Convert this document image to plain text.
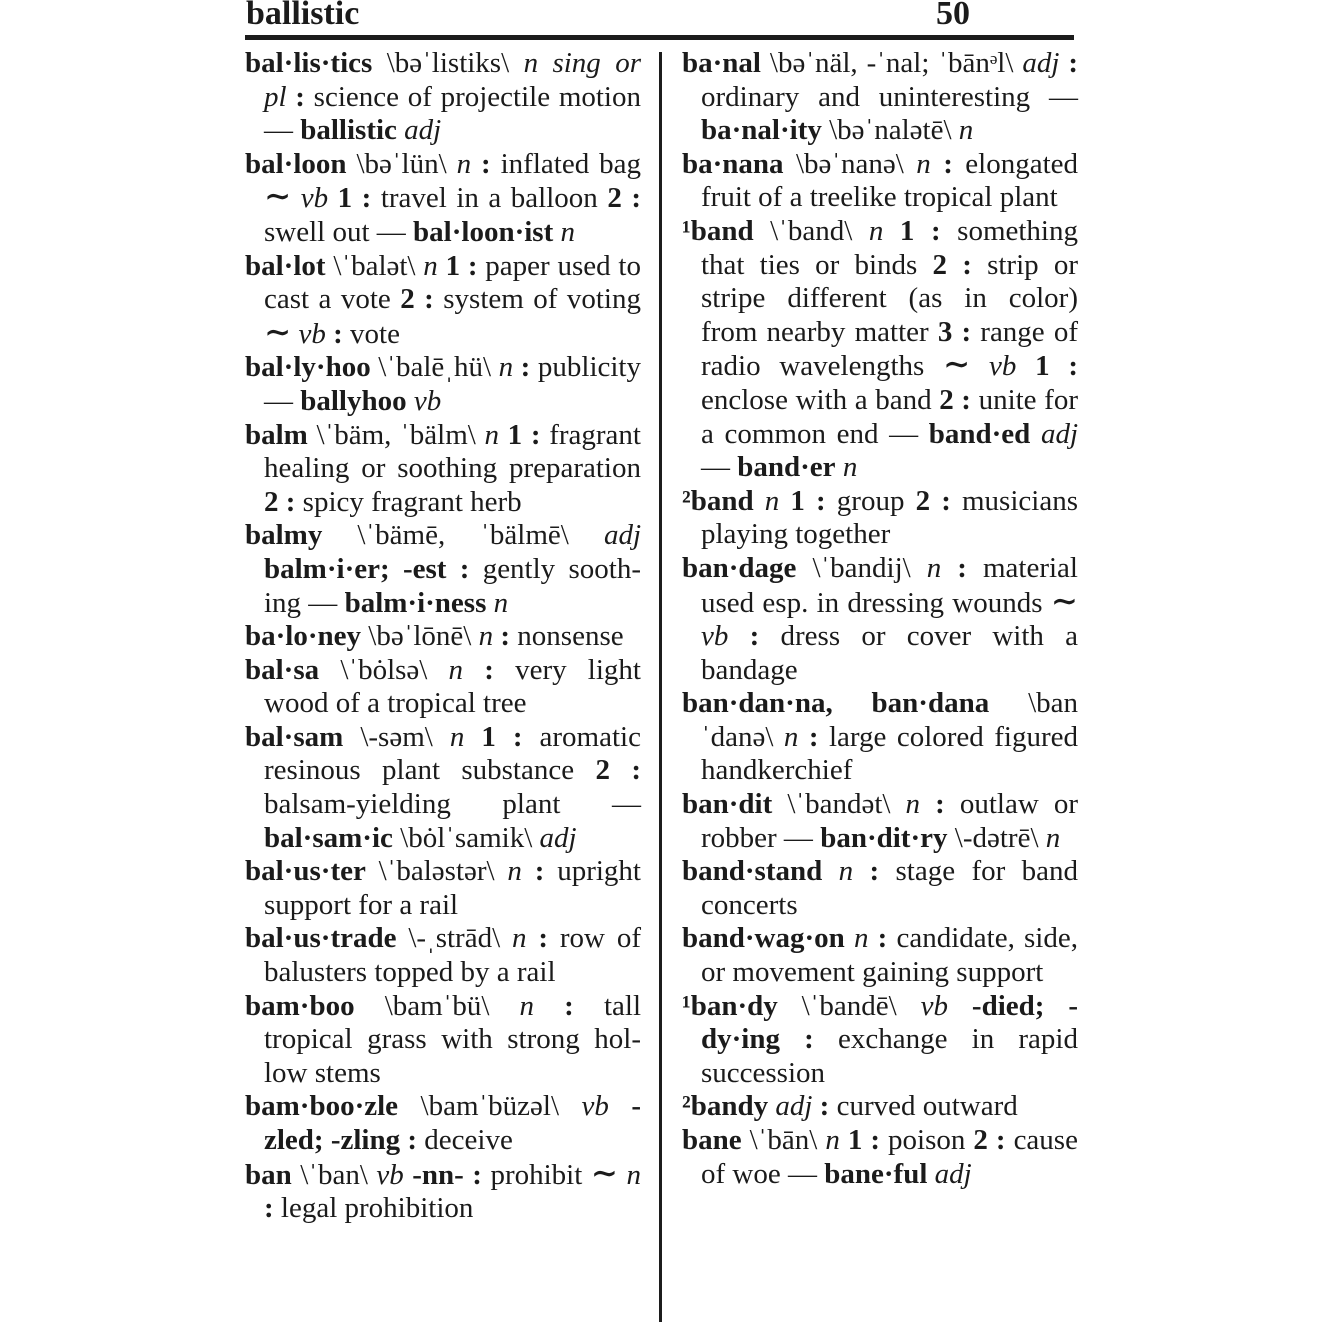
ballistic	50

bal·lis·tics \bəˈlistiks\ n sing or pl : science of projectile motion — ballistic adj

bal·loon \bəˈlün\ n : inflated bag ∼ vb 1 : travel in a balloon 2 : swell out — bal·loon·ist n

bal·lot \ˈbalət\ n 1 : paper used to cast a vote 2 : system of voting ∼ vb : vote

bal·ly·hoo \ˈbalēˌhü\ n : publicity — ballyhoo vb

balm \ˈbäm, ˈbälm\ n 1 : fragrant healing or soothing preparation 2 : spicy fragrant herb

balmy \ˈbämē, ˈbälmē\ adj balm·i·er; -est : gently soothing — balm·i·ness n

ba·lo·ney \bəˈlōnē\ n : nonsense

bal·sa \ˈbȯlsə\ n : very light wood of a tropical tree

bal·sam \-səm\ n 1 : aromatic resinous plant substance 2 : balsam-yielding plant — bal·sam·ic \bȯlˈsamik\ adj

bal·us·ter \ˈbaləstər\ n : upright support for a rail

bal·us·trade \-ˌstrād\ n : row of balusters topped by a rail

bam·boo \bamˈbü\ n : tall tropical grass with strong hollow stems

bam·boo·zle \bamˈbüzəl\ vb -zled; -zling : deceive

ban \ˈban\ vb -nn- : prohibit ∼ n : legal prohibition

ba·nal \bəˈnäl, -ˈnal; ˈbānᵊl\ adj : ordinary and uninteresting — ba·nal·ity \bəˈnalətē\ n

ba·nana \bəˈnanə\ n : elongated fruit of a treelike tropical plant

¹band \ˈband\ n 1 : something that ties or binds 2 : strip or stripe different (as in color) from nearby matter 3 : range of radio wavelengths ∼ vb 1 : enclose with a band 2 : unite for a common end — band·ed adj — band·er n

²band n 1 : group 2 : musicians playing together

ban·dage \ˈbandij\ n : material used esp. in dressing wounds ∼ vb : dress or cover with a bandage

ban·dan·na, ban·dana \banˈdanə\ n : large colored figured handkerchief

ban·dit \ˈbandət\ n : outlaw or robber — ban·dit·ry \-dətrē\ n

band·stand n : stage for band concerts

band·wag·on n : candidate, side, or movement gaining support

¹ban·dy \ˈbandē\ vb -died; -dy·ing : exchange in rapid succession

²bandy adj : curved outward

bane \ˈbān\ n 1 : poison 2 : cause of woe — bane·ful adj
